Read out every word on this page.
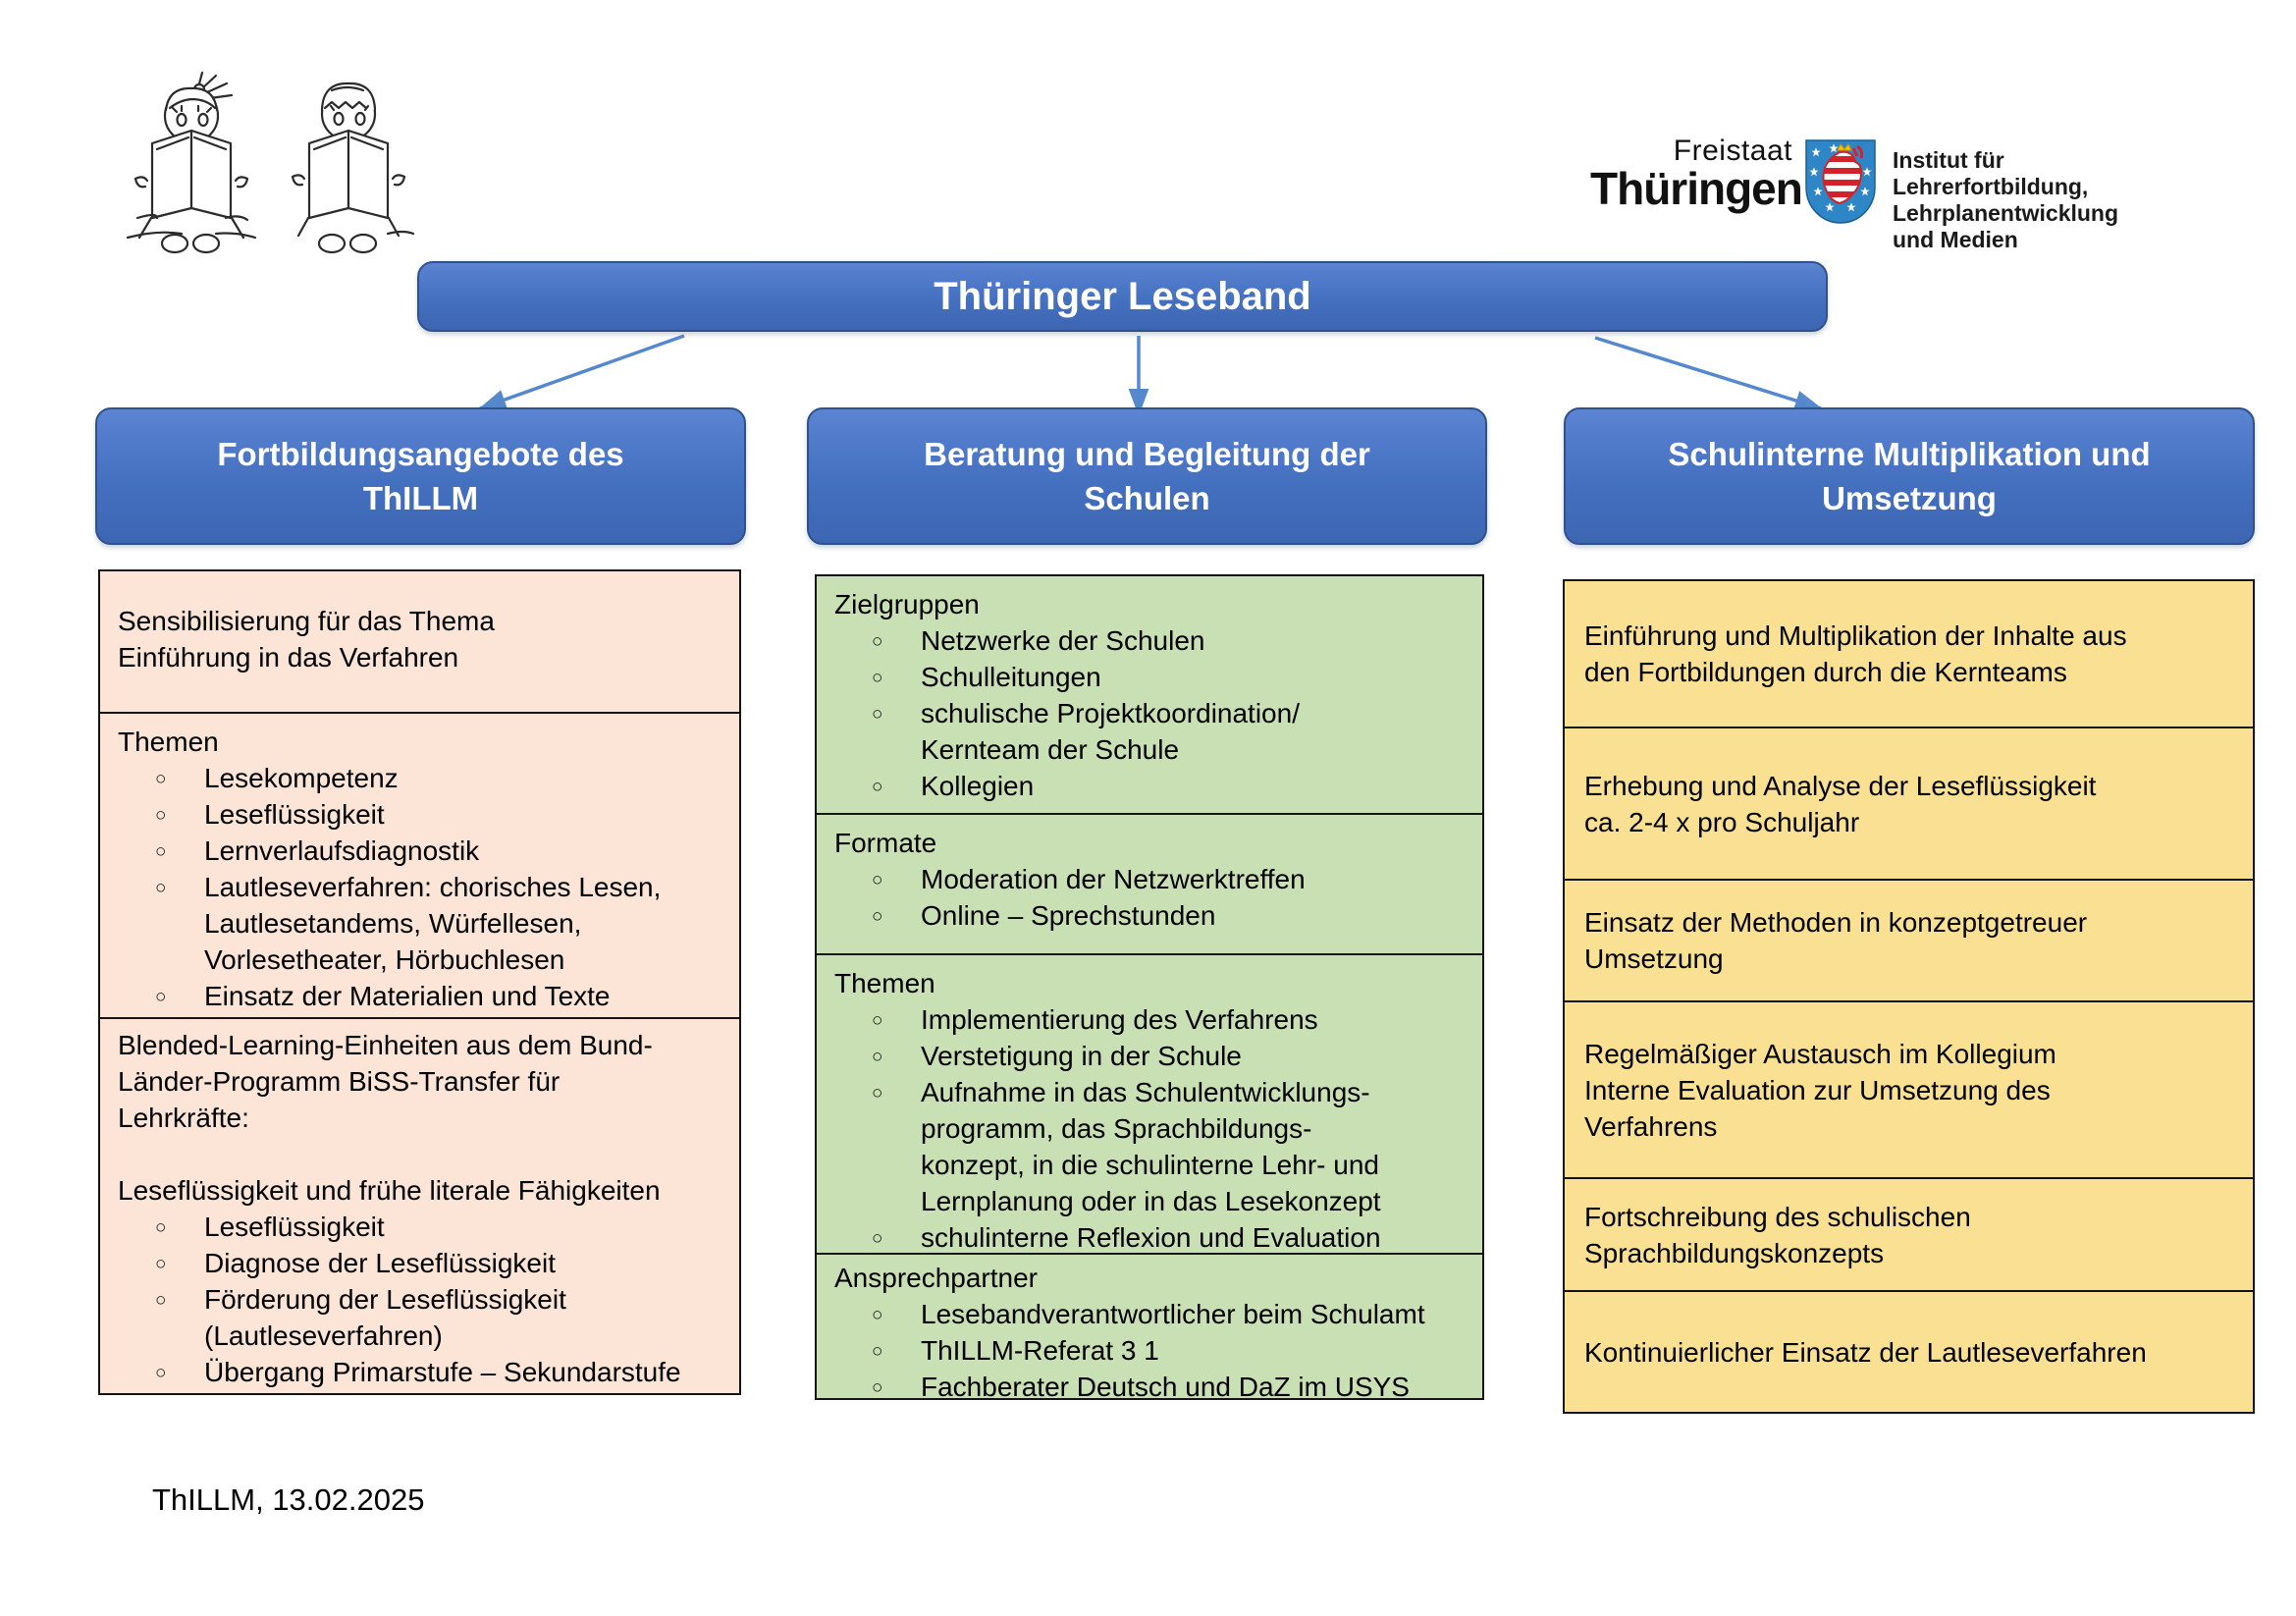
Freistaat
Thüringen
Institut für Lehrerfortbildung,
Lehrplanentwicklung
und Medien
Thüringer Leseband
Fortbildungsangebote des ThILLM
Beratung und Begleitung der Schulen
Schulinterne Multiplikation und Umsetzung
Sensibilisierung für das Thema
Einführung in das Verfahren
Themen
○ Lesekompetenz
○ Leseflüssigkeit
○ Lernverlaufsdiagnostik
○ Lautleseverfahren: chorisches Lesen,
Lautlesetandems, Würfellesen,
Vorlesetheater, Hörbuchlesen
○ Einsatz der Materialien und Texte
Blended-Learning-Einheiten aus dem Bund-
Länder-Programm BiSS-Transfer für
Lehrkräfte:
Leseflüssigkeit und frühe literale Fähigkeiten
○ Leseflüssigkeit
○ Diagnose der Leseflüssigkeit
○ Förderung der Leseflüssigkeit
(Lautleseverfahren)
○ Übergang Primarstufe – Sekundarstufe
Zielgruppen
○ Netzwerke der Schulen
○ Schulleitungen
○ schulische Projektkoordination/
Kernteam der Schule
○ Kollegien
Formate
○ Moderation der Netzwerktreffen
○ Online – Sprechstunden
Themen
○ Implementierung des Verfahrens
○ Verstetigung in der Schule
○ Aufnahme in das Schulentwicklungs-
programm, das Sprachbildungs-
konzept, in die schulinterne Lehr- und
Lernplanung oder in das Lesekonzept
○ schulinterne Reflexion und Evaluation
Ansprechpartner
○ Lesebandverantwortlicher beim Schulamt
○ ThILLM-Referat 3 1
○ Fachberater Deutsch und DaZ im USYS
Einführung und Multiplikation der Inhalte aus
den Fortbildungen durch die Kernteams
Erhebung und Analyse der Leseflüssigkeit
ca. 2-4 x pro Schuljahr
Einsatz der Methoden in konzeptgetreuer
Umsetzung
Regelmäßiger Austausch im Kollegium
Interne Evaluation zur Umsetzung des
Verfahrens
Fortschreibung des schulischen
Sprachbildungskonzepts
Kontinuierlicher Einsatz der Lautleseverfahren
ThILLM, 13.02.2025
